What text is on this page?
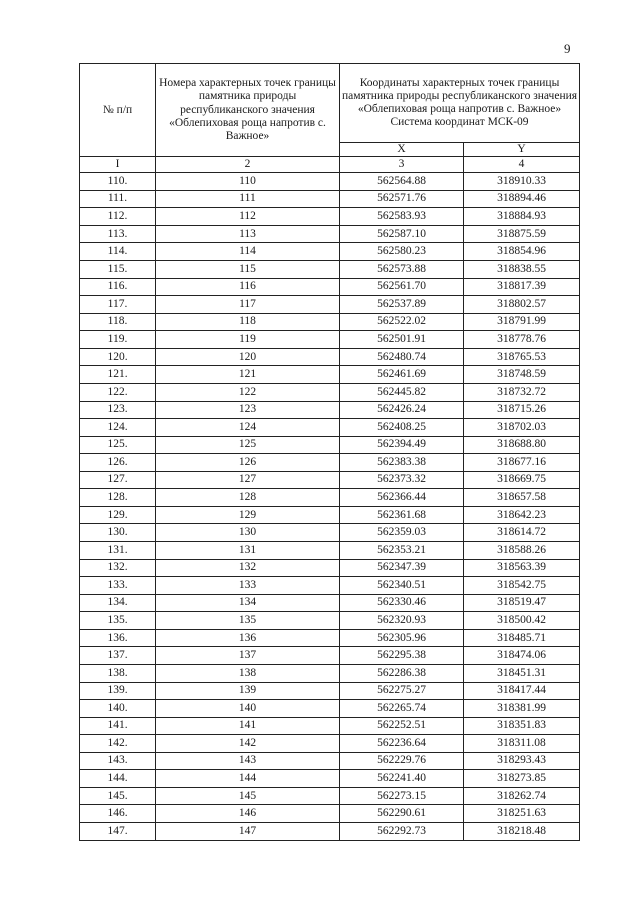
9
№ п/п	Номера характерных точек границы памятника природы республиканского значения «Облепиховая роща напротив с. Важное»	Координаты характерных точек границы памятника природы республиканского значения «Облепиховая роща напротив с. Важное» Система координат МСК-09	
		X	Y
I	2	3	4
110.	110	562564.88	318910.33
111.	111	562571.76	318894.46
112.	112	562583.93	318884.93
113.	113	562587.10	318875.59
114.	114	562580.23	318854.96
115.	115	562573.88	318838.55
116.	116	562561.70	318817.39
117.	117	562537.89	318802.57
118.	118	562522.02	318791.99
119.	119	562501.91	318778.76
120.	120	562480.74	318765.53
121.	121	562461.69	318748.59
122.	122	562445.82	318732.72
123.	123	562426.24	318715.26
124.	124	562408.25	318702.03
125.	125	562394.49	318688.80
126.	126	562383.38	318677.16
127.	127	562373.32	318669.75
128.	128	562366.44	318657.58
129.	129	562361.68	318642.23
130.	130	562359.03	318614.72
131.	131	562353.21	318588.26
132.	132	562347.39	318563.39
133.	133	562340.51	318542.75
134.	134	562330.46	318519.47
135.	135	562320.93	318500.42
136.	136	562305.96	318485.71
137.	137	562295.38	318474.06
138.	138	562286.38	318451.31
139.	139	562275.27	318417.44
140.	140	562265.74	318381.99
141.	141	562252.51	318351.83
142.	142	562236.64	318311.08
143.	143	562229.76	318293.43
144.	144	562241.40	318273.85
145.	145	562273.15	318262.74
146.	146	562290.61	318251.63
147.	147	562292.73	318218.48
